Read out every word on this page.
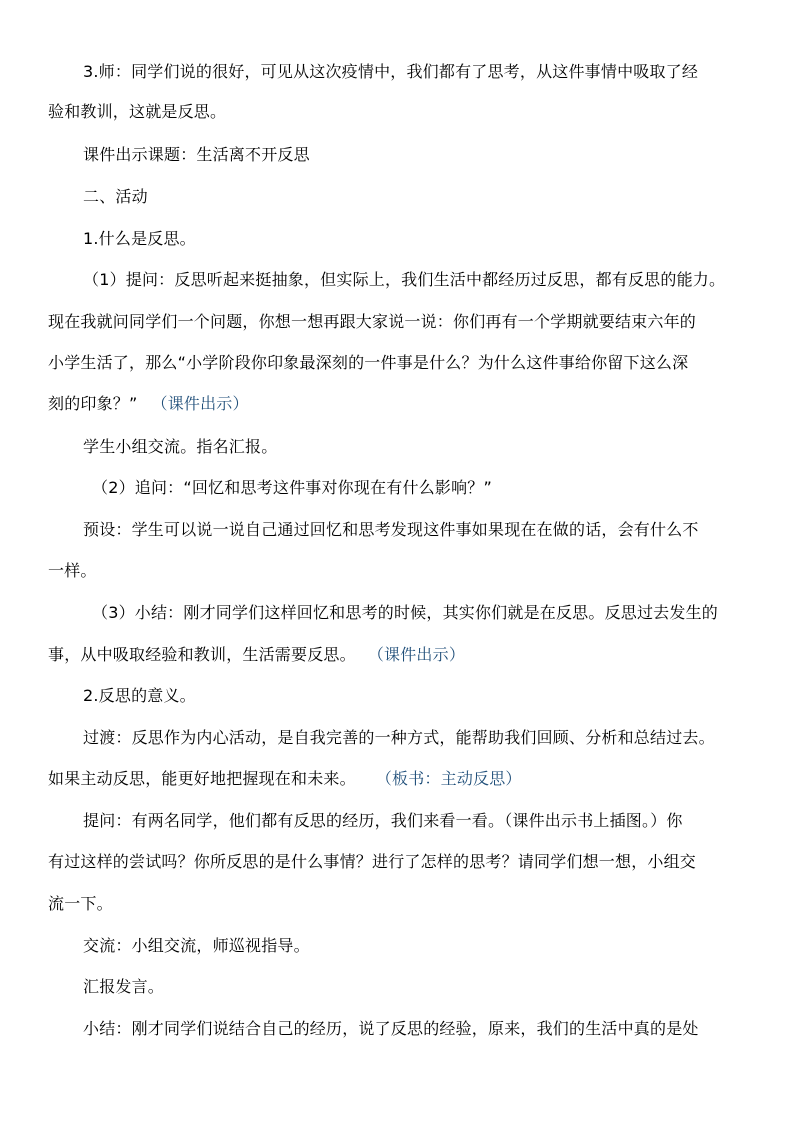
3.师：同学们说的很好，可见从这次疫情中，我们都有了思考，从这件事情中吸取了经
验和教训，这就是反思。
课件出示课题：生活离不开反思
二、活动
1.什么是反思。
（1）提问：反思听起来挺抽象，但实际上，我们生活中都经历过反思，都有反思的能力。
现在我就问同学们一个问题，你想一想再跟大家说一说：你们再有一个学期就要结束六年的
小学生活了，那么“小学阶段你印象最深刻的一件事是什么？为什么这件事给你留下这么深
刻的印象？” （课件出示）
学生小组交流。指名汇报。
（2）追问：“回忆和思考这件事对你现在有什么影响？”
预设：学生可以说一说自己通过回忆和思考发现这件事如果现在在做的话，会有什么不
一样。
（3）小结：刚才同学们这样回忆和思考的时候，其实你们就是在反思。反思过去发生的
事，从中吸取经验和教训，生活需要反思。 （课件出示）
2.反思的意义。
过渡：反思作为内心活动，是自我完善的一种方式，能帮助我们回顾、分析和总结过去。
如果主动反思，能更好地把握现在和未来。 （板书：主动反思）
提问：有两名同学，他们都有反思的经历，我们来看一看。（课件出示书上插图。）你
有过这样的尝试吗？你所反思的是什么事情？进行了怎样的思考？请同学们想一想，小组交
流一下。
交流：小组交流，师巡视指导。
汇报发言。
小结：刚才同学们说结合自己的经历，说了反思的经验，原来，我们的生活中真的是处
